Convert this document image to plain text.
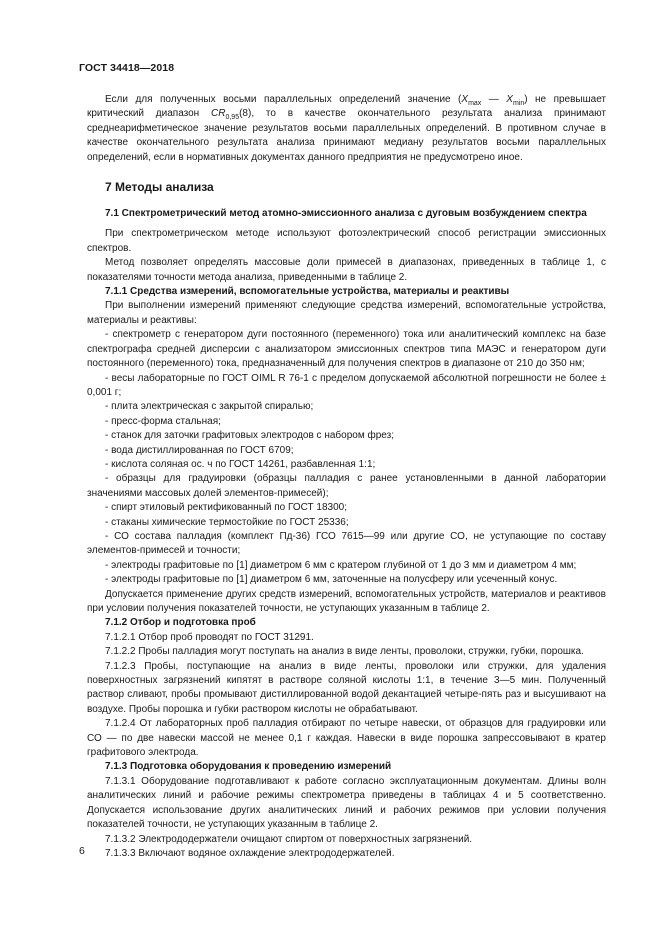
ГОСТ 34418—2018

Если для полученных восьми параллельных определений значение ($X_{max}$ — $X_{min}$) не превышает критический диапазон $CR_{0,95}(8)$, то в качестве окончательного результата анализа принимают среднеарифметическое значение результатов восьми параллельных определений. В противном случае в качестве окончательного результата анализа принимают медиану результатов восьми параллельных определений, если в нормативных документах данного предприятия не предусмотрено иное.

7 Методы анализа
7.1 Спектрометрический метод атомно-эмиссионного анализа с дуговым возбуждением спектра

При спектрометрическом методе используют фотоэлектрический способ регистрации эмиссионных спектров.

Метод позволяет определять массовые доли примесей в диапазонах, приведенных в таблице 1, с показателями точности метода анализа, приведенными в таблице 2.

7.1.1 Средства измерений, вспомогательные устройства, материалы и реактивы

При выполнении измерений применяют следующие средства измерений, вспомогательные устройства, материалы и реактивы:

- спектрометр с генератором дуги постоянного (переменного) тока или аналитический комплекс на базе спектрографа средней дисперсии с анализатором эмиссионных спектров типа МАЭС и генератором дуги постоянного (переменного) тока, предназначенный для получения спектров в диапазоне от 210 до 350 нм;

- весы лабораторные по ГОСТ OIML R 76-1 с пределом допускаемой абсолютной погрешности не более ± 0,001 г;

- плита электрическая с закрытой спиралью;

- пресс-форма стальная;

- станок для заточки графитовых электродов с набором фрез;

- вода дистиллированная по ГОСТ 6709;

- кислота соляная ос. ч по ГОСТ 14261, разбавленная 1:1;

- образцы для градуировки (образцы палладия с ранее установленными в данной лаборатории значениями массовых долей элементов-примесей);

- спирт этиловый ректификованный по ГОСТ 18300;

- стаканы химические термостойкие по ГОСТ 25336;

- СО состава палладия (комплект Пд-36) ГСО 7615—99 или другие СО, не уступающие по составу элементов-примесей и точности;

- электроды графитовые по [1] диаметром 6 мм с кратером глубиной от 1 до 3 мм и диаметром 4 мм;

- электроды графитовые по [1] диаметром 6 мм, заточенные на полусферу или усеченный конус.

Допускается применение других средств измерений, вспомогательных устройств, материалов и реактивов при условии получения показателей точности, не уступающих указанным в таблице 2.

7.1.2 Отбор и подготовка проб

7.1.2.1 Отбор проб проводят по ГОСТ 31291.

7.1.2.2 Пробы палладия могут поступать на анализ в виде ленты, проволоки, стружки, губки, порошка.

7.1.2.3 Пробы, поступающие на анализ в виде ленты, проволоки или стружки, для удаления поверхностных загрязнений кипятят в растворе соляной кислоты 1:1, в течение 3—5 мин. Полученный раствор сливают, пробы промывают дистиллированной водой декантацией четыре-пять раз и высушивают на воздухе. Пробы порошка и губки раствором кислоты не обрабатывают.

7.1.2.4 От лабораторных проб палладия отбирают по четыре навески, от образцов для градуировки или СО — по две навески массой не менее 0,1 г каждая. Навески в виде порошка запрессовывают в кратер графитового электрода.

7.1.3 Подготовка оборудования к проведению измерений

7.1.3.1 Оборудование подготавливают к работе согласно эксплуатационным документам. Длины волн аналитических линий и рабочие режимы спектрометра приведены в таблицах 4 и 5 соответственно. Допускается использование других аналитических линий и рабочих режимов при условии получения показателей точности, не уступающих указанным в таблице 2.

7.1.3.2 Электрододержатели очищают спиртом от поверхностных загрязнений.

7.1.3.3 Включают водяное охлаждение электрододержателей.

6
